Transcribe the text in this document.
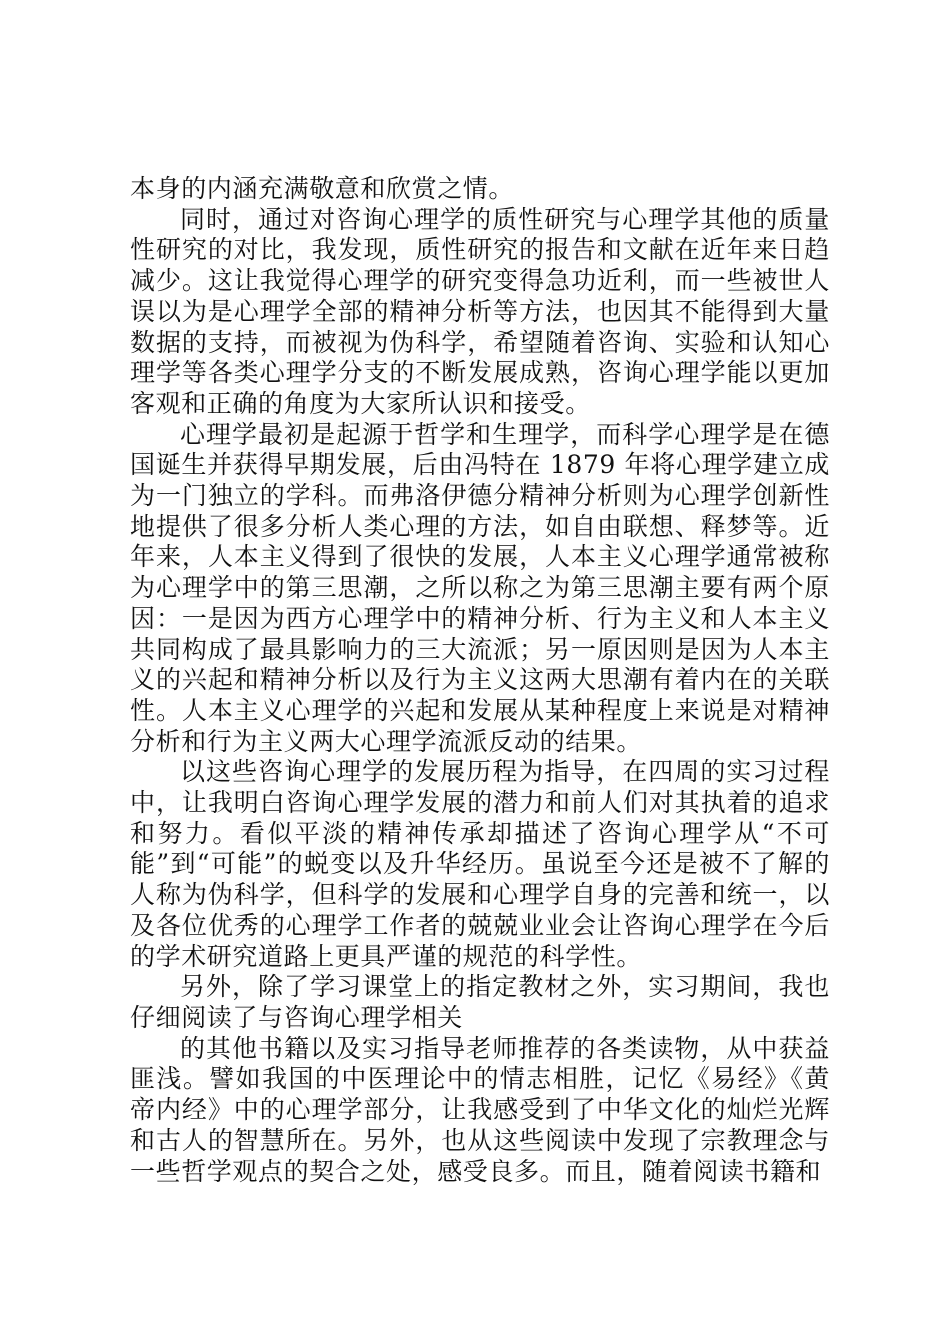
本身的内涵充满敬意和欣赏之情。

同时，通过对咨询心理学的质性研究与心理学其他的质量性研究的对比，我发现，质性研究的报告和文献在近年来日趋减少。这让我觉得心理学的研究变得急功近利，而一些被世人误以为是心理学全部的精神分析等方法，也因其不能得到大量数据的支持，而被视为伪科学，希望随着咨询、实验和认知心理学等各类心理学分支的不断发展成熟，咨询心理学能以更加客观和正确的角度为大家所认识和接受。

心理学最初是起源于哲学和生理学，而科学心理学是在德国诞生并获得早期发展，后由冯特在 1879 年将心理学建立成为一门独立的学科。而弗洛伊德分精神分析则为心理学创新性地提供了很多分析人类心理的方法，如自由联想、释梦等。近年来，人本主义得到了很快的发展，人本主义心理学通常被称为心理学中的第三思潮，之所以称之为第三思潮主要有两个原因：一是因为西方心理学中的精神分析、行为主义和人本主义共同构成了最具影响力的三大流派；另一原因则是因为人本主义的兴起和精神分析以及行为主义这两大思潮有着内在的关联性。人本主义心理学的兴起和发展从某种程度上来说是对精神分析和行为主义两大心理学流派反动的结果。

以这些咨询心理学的发展历程为指导，在四周的实习过程中，让我明白咨询心理学发展的潜力和前人们对其执着的追求和努力。看似平淡的精神传承却描述了咨询心理学从“不可能”到“可能”的蜕变以及升华经历。虽说至今还是被不了解的人称为伪科学，但科学的发展和心理学自身的完善和统一，以及各位优秀的心理学工作者的兢兢业业会让咨询心理学在今后的学术研究道路上更具严谨的规范的科学性。

另外，除了学习课堂上的指定教材之外，实习期间，我也仔细阅读了与咨询心理学相关

的其他书籍以及实习指导老师推荐的各类读物，从中获益匪浅。譬如我国的中医理论中的情志相胜，记忆《易经》《黄帝内经》中的心理学部分，让我感受到了中华文化的灿烂光辉和古人的智慧所在。另外，也从这些阅读中发现了宗教理念与一些哲学观点的契合之处，感受良多。而且，随着阅读书籍和
